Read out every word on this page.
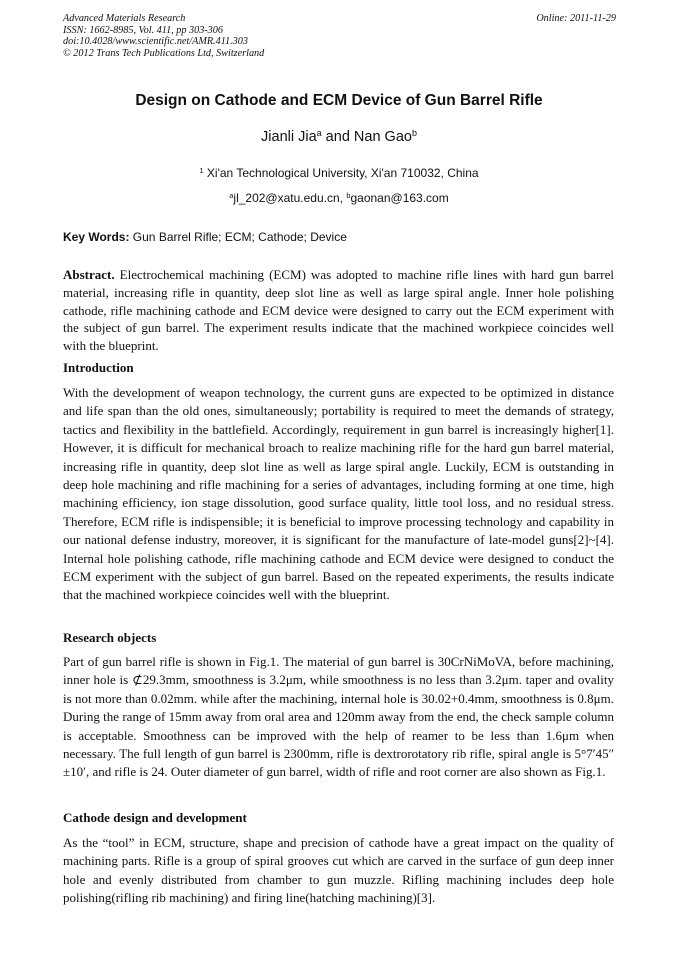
Advanced Materials Research	Online: 2011-11-29
ISSN: 1662-8985, Vol. 411, pp 303-306
doi:10.4028/www.scientific.net/AMR.411.303
© 2012 Trans Tech Publications Ltd, Switzerland
Design on Cathode and ECM Device of Gun Barrel Rifle
Jianli Jia$^a$ and Nan Gao$^b$
$^1$ Xi'an Technological University, Xi'an 710032, China
$^a$jl_202@xatu.edu.cn, $^b$gaonan@163.com
Key Words: Gun Barrel Rifle; ECM; Cathode; Device
Abstract. Electrochemical machining (ECM) was adopted to machine rifle lines with hard gun barrel material, increasing rifle in quantity, deep slot line as well as large spiral angle. Inner hole polishing cathode, rifle machining cathode and ECM device were designed to carry out the ECM experiment with the subject of gun barrel. The experiment results indicate that the machined workpiece coincides well with the blueprint.
Introduction
With the development of weapon technology, the current guns are expected to be optimized in distance and life span than the old ones, simultaneously; portability is required to meet the demands of strategy, tactics and flexibility in the battlefield. Accordingly, requirement in gun barrel is increasingly higher[1]. However, it is difficult for mechanical broach to realize machining rifle for the hard gun barrel material, increasing rifle in quantity, deep slot line as well as large spiral angle. Luckily, ECM is outstanding in deep hole machining and rifle machining for a series of advantages, including forming at one time, high machining efficiency, ion stage dissolution, good surface quality, little tool loss, and no residual stress. Therefore, ECM rifle is indispensible; it is beneficial to improve processing technology and capability in our national defense industry, moreover, it is significant for the manufacture of late-model guns[2]~[4]. Internal hole polishing cathode, rifle machining cathode and ECM device were designed to conduct the ECM experiment with the subject of gun barrel. Based on the repeated experiments, the results indicate that the machined workpiece coincides well with the blueprint.
Research objects
Part of gun barrel rifle is shown in Fig.1. The material of gun barrel is 30CrNiMoVA, before machining, inner hole is ⊄29.3mm, smoothness is 3.2μm, while smoothness is no less than 3.2μm. taper and ovality is not more than 0.02mm. while after the machining, internal hole is 30.02+0.4mm, smoothness is 0.8μm. During the range of 15mm away from oral area and 120mm away from the end, the check sample column is acceptable. Smoothness can be improved with the help of reamer to be less than 1.6μm when necessary. The full length of gun barrel is 2300mm, rifle is dextrorotatory rib rifle, spiral angle is 5°7′45″±10′, and rifle is 24. Outer diameter of gun barrel, width of rifle and root corner are also shown as Fig.1.
Cathode design and development
As the “tool” in ECM, structure, shape and precision of cathode have a great impact on the quality of machining parts. Rifle is a group of spiral grooves cut which are carved in the surface of gun deep inner hole and evenly distributed from chamber to gun muzzle. Rifling machining includes deep hole polishing(rifling rib machining) and firing line(hatching machining)[3].
